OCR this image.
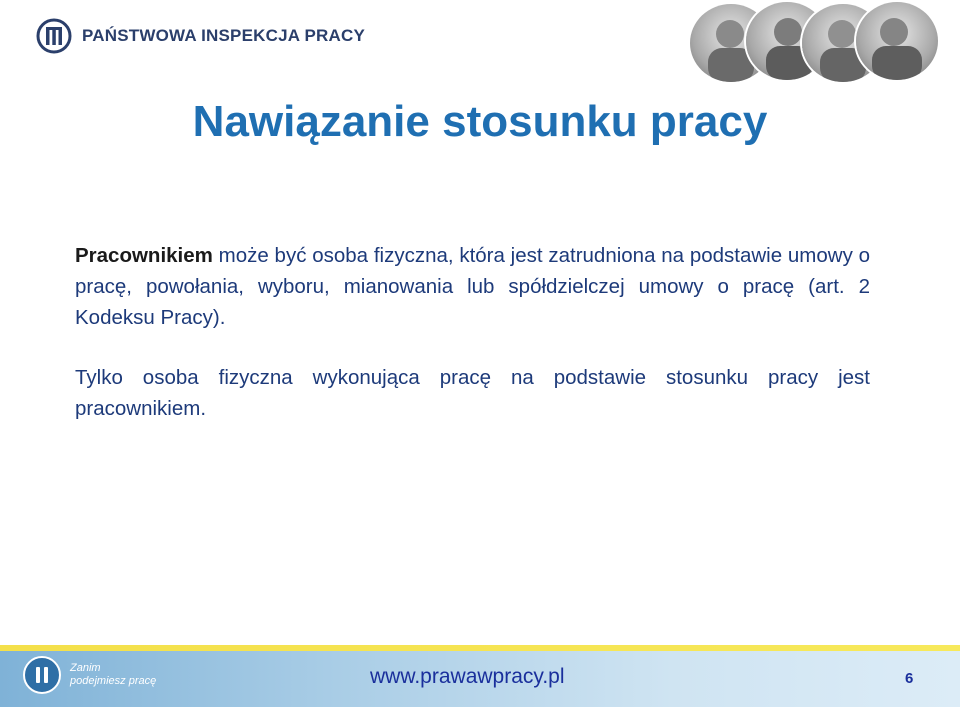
PAŃSTWOWA INSPEKCJA PRACY
Nawiązanie stosunku pracy

Pracownikiem może być osoba fizyczna, która jest zatrudniona na podstawie umowy o pracę, powołania, wyboru, mianowania lub spółdzielczej umowy o pracę (art. 2 Kodeksu Pracy).

Tylko osoba fizyczna wykonująca pracę na podstawie stosunku pracy jest pracownikiem.

Zanim
podejmiesz pracę	www.prawawpracy.pl	6
